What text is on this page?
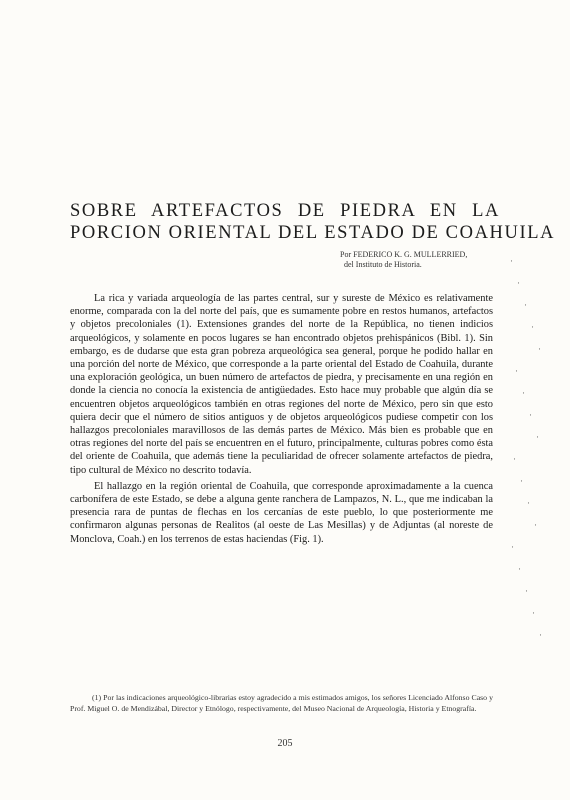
SOBRE ARTEFACTOS DE PIEDRA EN LA
PORCION ORIENTAL DEL ESTADO DE COAHUILA
Por FEDERICO K. G. MULLERRIED,
del Instituto de Historia.

La rica y variada arqueología de las partes central, sur y sureste de México es relativamente enorme, comparada con la del norte del país, que es sumamente pobre en restos humanos, artefactos y objetos precoloniales (1). Extensiones grandes del norte de la República, no tienen indicios arqueológicos, y solamente en pocos lugares se han encontrado objetos prehispánicos (Bibl. 1). Sin embargo, es de dudarse que esta gran pobreza arqueológica sea general, porque he podido hallar en una porción del norte de México, que corresponde a la parte oriental del Estado de Coahuila, durante una exploración geológica, un buen número de artefactos de piedra, y precisamente en una región en donde la ciencia no conocía la existencia de antigüedades. Esto hace muy probable que algún día se encuentren objetos arqueológicos también en otras regiones del norte de México, pero sin que esto quiera decir que el número de sitios antiguos y de objetos arqueológicos pudiese competir con los hallazgos precoloniales maravillosos de las demás partes de México. Más bien es probable que en otras regiones del norte del país se encuentren en el futuro, principalmente, culturas pobres como ésta del oriente de Coahuila, que además tiene la peculiaridad de ofrecer solamente artefactos de piedra, tipo cultural de México no descrito todavía.

El hallazgo en la región oriental de Coahuila, que corresponde aproximadamente a la cuenca carbonífera de este Estado, se debe a alguna gente ranchera de Lampazos, N. L., que me indicaban la presencia rara de puntas de flechas en los cercanías de este pueblo, lo que posteriormente me confirmaron algunas personas de Realitos (al oeste de Las Mesillas) y de Adjuntas (al noreste de Monclova, Coah.) en los terrenos de estas haciendas (Fig. 1).

(1) Por las indicaciones arqueológico-librarias estoy agradecido a mis estimados amigos, los señores Licenciado Alfonso Caso y Prof. Miguel O. de Mendizábal, Director y Etnólogo, respectivamente, del Museo Nacional de Arqueología, Historia y Etnografía.

205
·
·
·
·
·
·
·
·
·
·
·
·
·
·
·
·
·
·
